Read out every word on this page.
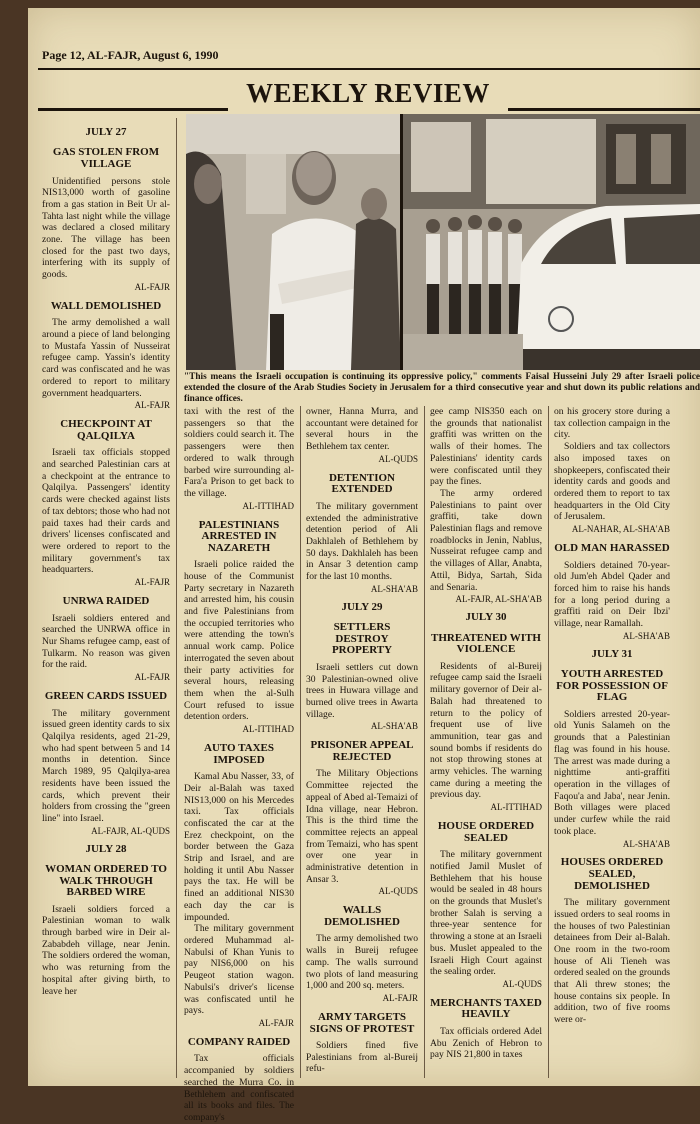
Page 12, AL-FAJR, August 6, 1990
WEEKLY REVIEW
JULY 27
GAS STOLEN FROM VILLAGE

Unidentified persons stole NIS13,000 worth of gasoline from a gas station in Beit Ur al-Tahta last night while the village was declared a closed military zone. The village has been closed for the past two days, interfering with its supply of goods.

AL-FAJR
WALL DEMOLISHED

The army demolished a wall around a piece of land belonging to Mustafa Yassin of Nusseirat refugee camp. Yassin's identity card was confiscated and he was ordered to report to military government headquarters.

AL-FAJR
CHECKPOINT AT QALQILYA

Israeli tax officials stopped and searched Palestinian cars at a checkpoint at the entrance to Qalqilya. Passengers' identity cards were checked against lists of tax debtors; those who had not paid taxes had their cards and drivers' licenses confiscated and were ordered to report to the military government's tax headquarters.

AL-FAJR
UNRWA RAIDED

Israeli soldiers entered and searched the UNRWA office in Nur Shams refugee camp, east of Tulkarm. No reason was given for the raid.

AL-FAJR
GREEN CARDS ISSUED

The military government issued green identity cards to six Qalqilya residents, aged 21-29, who had spent between 5 and 14 months in detention. Since March 1989, 95 Qalqilya-area residents have been issued the cards, which prevent their holders from crossing the "green line" into Israel.

AL-FAJR, AL-QUDS
JULY 28
WOMAN ORDERED TO WALK THROUGH BARBED WIRE

Israeli soldiers forced a Palestinian woman to walk through barbed wire in Deir al-Zababdeh village, near Jenin. The soldiers ordered the woman, who was returning from the hospital after giving birth, to leave her

"This means the Israeli occupation is continuing its oppressive policy," comments Faisal Husseini July 29 after Israeli police extended the closure of the Arab Studies Society in Jerusalem for a third consecutive year and shut down its public relations and finance offices.

taxi with the rest of the passengers so that the soldiers could search it. The passengers were then ordered to walk through barbed wire surrounding al-Fara'a Prison to get back to the village.

AL-ITTIHAD
PALESTINIANS ARRESTED IN NAZARETH

Israeli police raided the house of the Communist Party secretary in Nazareth and arrested him, his cousin and five Palestinians from the occupied territories who were attending the town's annual work camp. Police interrogated the seven about their party activities for several hours, releasing them when the al-Sulh Court refused to issue detention orders.

AL-ITTIHAD
AUTO TAXES IMPOSED

Kamal Abu Nasser, 33, of Deir al-Balah was taxed NIS13,000 on his Mercedes taxi. Tax officials confiscated the car at the Erez checkpoint, on the border between the Gaza Strip and Israel, and are holding it until Abu Nasser pays the tax. He will be fined an additional NIS30 each day the car is impounded.

The military government ordered Muhammad al-Nabulsi of Khan Yunis to pay NIS6,000 on his Peugeot station wagon. Nabulsi's driver's license was confiscated until he pays.

AL-FAJR
COMPANY RAIDED

Tax officials accompanied by soldiers searched the Murra Co. in Bethlehem and confiscated all its books and files. The company's

owner, Hanna Murra, and accountant were detained for several hours in the Bethlehem tax center.

AL-QUDS
DETENTION EXTENDED

The military government extended the administrative detention period of Ali Dakhlaleh of Bethlehem by 50 days. Dakhlaleh has been in Ansar 3 detention camp for the last 10 months.

AL-SHA'AB
JULY 29
SETTLERS DESTROY PROPERTY

Israeli settlers cut down 30 Palestinian-owned olive trees in Huwara village and burned olive trees in Awarta village.

AL-SHA'AB
PRISONER APPEAL REJECTED

The Military Objections Committee rejected the appeal of Abed al-Temaizi of Idna village, near Hebron. This is the third time the committee rejects an appeal from Temaizi, who has spent over one year in administrative detention in Ansar 3.

AL-QUDS
WALLS DEMOLISHED

The army demolished two walls in Bureij refugee camp. The walls surround two plots of land measuring 1,000 and 200 sq. meters.

AL-FAJR
ARMY TARGETS SIGNS OF PROTEST

Soldiers fined five Palestinians from al-Bureij refu-

gee camp NIS350 each on the grounds that nationalist graffiti was written on the walls of their homes. The Palestinians' identity cards were confiscated until they pay the fines.

The army ordered Palestinians to paint over graffiti, take down Palestinian flags and remove roadblocks in Jenin, Nablus, Nusseirat refugee camp and the villages of Allar, Anabta, Attil, Bidya, Sartah, Sida and Senaria.

AL-FAJR, AL-SHA'AB
JULY 30
THREATENED WITH VIOLENCE

Residents of al-Bureij refugee camp said the Israeli military governor of Deir al-Balah had threatened to return to the policy of frequent use of live ammunition, tear gas and sound bombs if residents do not stop throwing stones at army vehicles. The warning came during a meeting the previous day.

AL-ITTIHAD
HOUSE ORDERED SEALED

The military government notified Jamil Muslet of Bethlehem that his house would be sealed in 48 hours on the grounds that Muslet's brother Salah is serving a three-year sentence for throwing a stone at an Israeli bus. Muslet appealed to the Israeli High Court against the sealing order.

AL-QUDS
MERCHANTS TAXED HEAVILY

Tax officials ordered Adel Abu Zenich of Hebron to pay NIS 21,800 in taxes

on his grocery store during a tax collection campaign in the city.

Soldiers and tax collectors also imposed taxes on shopkeepers, confiscated their identity cards and goods and ordered them to report to tax headquarters in the Old City of Jerusalem.

AL-NAHAR, AL-SHA'AB
OLD MAN HARASSED

Soldiers detained 70-year-old Jum'eh Abdel Qader and forced him to raise his hands for a long period during a graffiti raid on Deir Ibzi' village, near Ramallah.

AL-SHA'AB
JULY 31
YOUTH ARRESTED FOR POSSESSION OF FLAG

Soldiers arrested 20-year-old Yunis Salameh on the grounds that a Palestinian flag was found in his house. The arrest was made during a nighttime anti-graffiti operation in the villages of Faqou'a and Jaba', near Jenin. Both villages were placed under curfew while the raid took place.

AL-SHA'AB
HOUSES ORDERED SEALED, DEMOLISHED

The military government issued orders to seal rooms in the houses of two Palestinian detainees from Deir al-Balah. One room in the two-room house of Ali Tieneh was ordered sealed on the grounds that Ali threw stones; the house contains six people. In addition, two of five rooms were or-
